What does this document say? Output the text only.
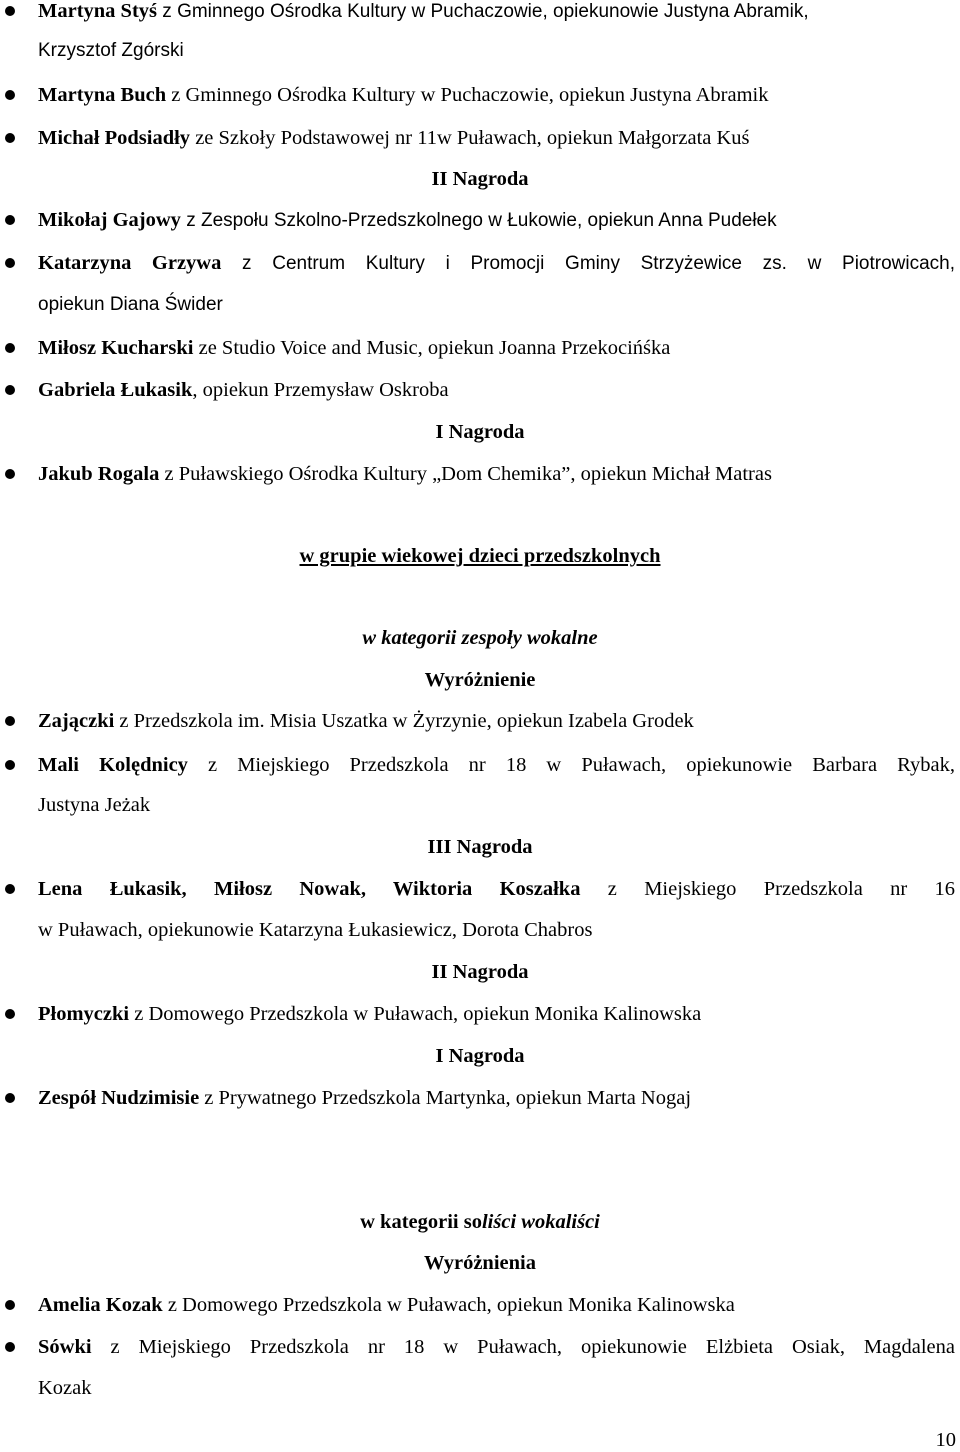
Martyna Styś z Gminnego Ośrodka Kultury w Puchaczowie, opiekunowie Justyna Abramik,
Krzysztof Zgórski
Martyna Buch z Gminnego Ośrodka Kultury w Puchaczowie, opiekun Justyna Abramik
Michał Podsiadły ze Szkoły Podstawowej nr 11w Puławach, opiekun Małgorzata Kuś
II Nagroda
Mikołaj Gajowy z Zespołu Szkolno-Przedszkolnego w Łukowie, opiekun Anna Pudełek
Katarzyna Grzywa z Centrum Kultury i Promocji Gminy Strzyżewice zs. w Piotrowicach,
opiekun Diana Świder
Miłosz Kucharski ze Studio Voice and Music, opiekun Joanna Przekocińśka
Gabriela Łukasik, opiekun Przemysław Oskroba
I Nagroda
Jakub Rogala z Puławskiego Ośrodka Kultury „Dom Chemika”, opiekun Michał Matras
w grupie wiekowej dzieci przedszkolnych
w kategorii zespoły wokalne
Wyróżnienie
Zajączki z Przedszkola im. Misia Uszatka w Żyrzynie, opiekun Izabela Grodek
Mali Kolędnicy z Miejskiego Przedszkola nr 18 w Puławach, opiekunowie Barbara Rybak,
Justyna Jeżak
III Nagroda
Lena Łukasik, Miłosz Nowak, Wiktoria Koszałka z Miejskiego Przedszkola nr 16
w Puławach, opiekunowie Katarzyna Łukasiewicz, Dorota Chabros
II Nagroda
Płomyczki z Domowego Przedszkola w Puławach, opiekun Monika Kalinowska
I Nagroda
Zespół Nudzimisie z Prywatnego Przedszkola Martynka, opiekun Marta Nogaj
w kategorii soliści wokaliści
Wyróżnienia
Amelia Kozak z Domowego Przedszkola w Puławach, opiekun Monika Kalinowska
Sówki z Miejskiego Przedszkola nr 18 w Puławach, opiekunowie Elżbieta Osiak, Magdalena
Kozak
10
